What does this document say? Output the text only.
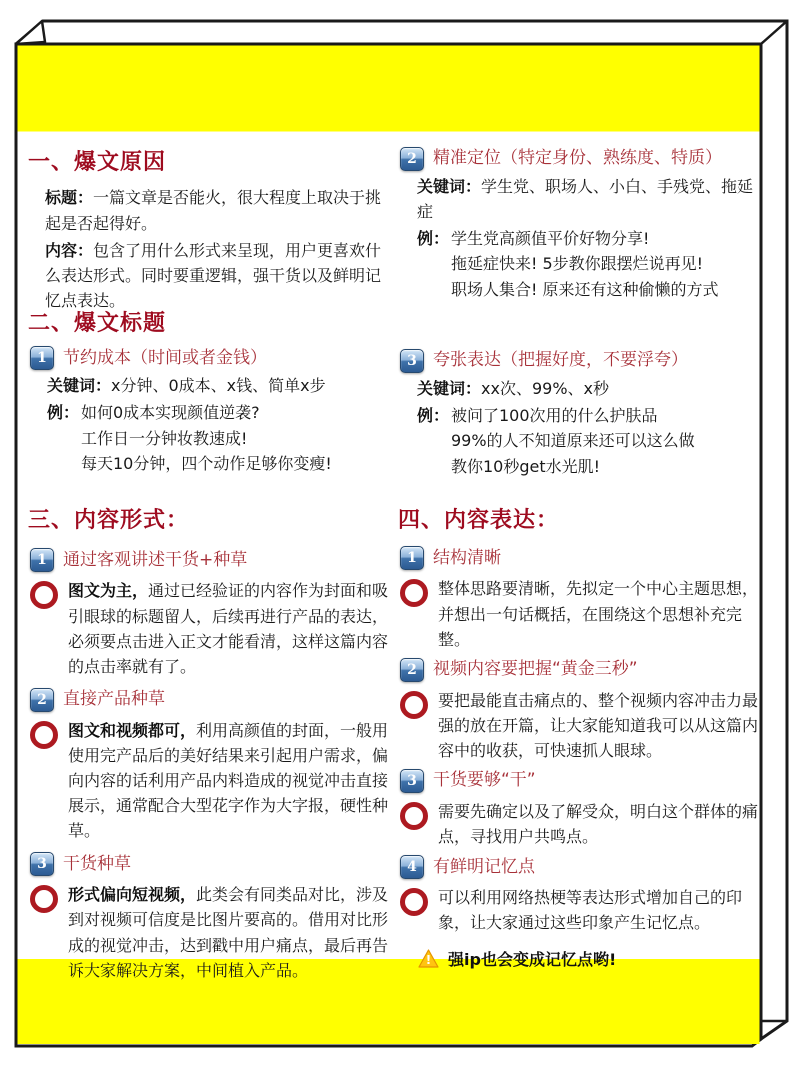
一、爆文原因

标题：一篇文章是否能火，很大程度上取决于挑起是否起得好。

内容：包含了用什么形式来呈现，用户更喜欢什么表达形式。同时要重逻辑，强干货以及鲜明记忆点表达。

二、爆文标题
1 节约成本（时间或者金钱）

关键词：x分钟、0成本、x钱、简单x步

例： 如何0成本实现颜值逆袭?
工作日一分钟妆教速成!
每天10分钟，四个动作足够你变瘦!
三、内容形式：
1 通过客观讲述干货+种草

图文为主，通过已经验证的内容作为封面和吸引眼球的标题留人，后续再进行产品的表达，必须要点击进入正文才能看清，这样这篇内容的点击率就有了。

2 直接产品种草

图文和视频都可，利用高颜值的封面，一般用使用完产品后的美好结果来引起用户需求，偏向内容的话利用产品内料造成的视觉冲击直接展示，通常配合大型花字作为大字报，硬性种草。

3 干货种草

形式偏向短视频，此类会有同类品对比，涉及到对视频可信度是比图片要高的。借用对比形成的视觉冲击，达到戳中用户痛点，最后再告诉大家解决方案，中间植入产品。

2 精准定位（特定身份、熟练度、特质）

关键词：学生党、职场人、小白、手残党、拖延症

例： 学生党高颜值平价好物分享!
拖延症快来! 5步教你跟摆烂说再见!
职场人集合! 原来还有这种偷懒的方式
3 夸张表达（把握好度，不要浮夸）

关键词：xx次、99%、x秒

例： 被问了100次用的什么护肤品
99%的人不知道原来还可以这么做
教你10秒get水光肌!
四、内容表达：
1 结构清晰

整体思路要清晰，先拟定一个中心主题思想，并想出一句话概括，在围绕这个思想补充完整。

2 视频内容要把握“黄金三秒”

要把最能直击痛点的、整个视频内容冲击力最强的放在开篇，让大家能知道我可以从这篇内容中的收获，可快速抓人眼球。

3 干货要够“干”

需要先确定以及了解受众，明白这个群体的痛点，寻找用户共鸣点。

4 有鲜明记忆点

可以利用网络热梗等表达形式增加自己的印象，让大家通过这些印象产生记忆点。

! 强ip也会变成记忆点哟!
